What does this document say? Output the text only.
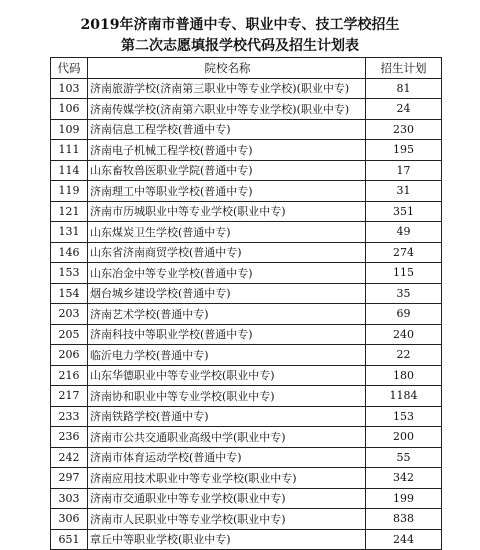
2019年济南市普通中专、职业中专、技工学校招生
第二次志愿填报学校代码及招生计划表
代码	院校名称	招生计划
103	济南旅游学校(济南第三职业中等专业学校)(职业中专)	81
106	济南传媒学校(济南第六职业中等专业学校)(职业中专)	24
109	济南信息工程学校(普通中专)	230
111	济南电子机械工程学校(普通中专)	195
114	山东畜牧兽医职业学院(普通中专)	17
119	济南理工中等职业学校(普通中专)	31
121	济南市历城职业中等专业学校(职业中专)	351
131	山东煤炭卫生学校(普通中专)	49
146	山东省济南商贸学校(普通中专)	274
153	山东冶金中等专业学校(普通中专)	115
154	烟台城乡建设学校(普通中专)	35
203	济南艺术学校(普通中专)	69
205	济南科技中等职业学校(普通中专)	240
206	临沂电力学校(普通中专)	22
216	山东华德职业中等专业学校(职业中专)	180
217	济南协和职业中等专业学校(职业中专)	1184
233	济南铁路学校(普通中专)	153
236	济南市公共交通职业高级中学(职业中专)	200
242	济南市体育运动学校(普通中专)	55
297	济南应用技术职业中等专业学校(职业中专)	342
303	济南市交通职业中等专业学校(职业中专)	199
306	济南市人民职业中等专业学校(职业中专)	838
651	章丘中等职业学校(职业中专)	244
